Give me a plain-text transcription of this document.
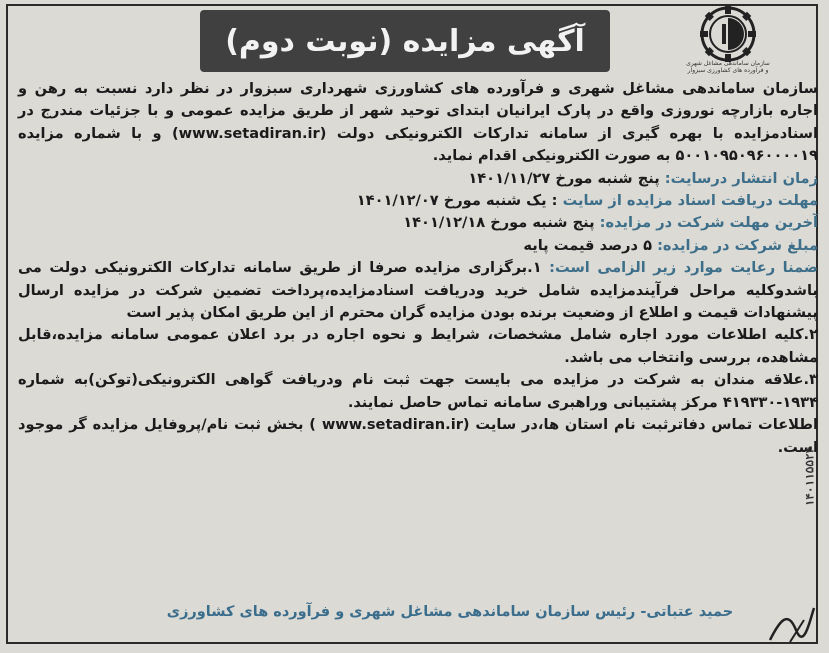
آگهی مزایده (نوبت دوم)
سازمان ساماندهی مشاغل شهری
و فرآورده های کشاورزی سبزوار

سازمان ساماندهی مشاغل شهری و فرآورده های کشاورزی شهرداری سبزوار در نظر دارد نسبت به رهن و اجاره بازارچه نوروزی واقع در پارک ایرانیان ابتدای توحید شهر از طریق مزایده عمومی و با جزئیات مندرج در اسنادمزایده با بهره گیری از سامانه تدارکات الکترونیکی دولت (www.setadiran.ir) و با شماره مزایده ۵۰۰۱۰۹۵۰۹۶۰۰۰۰۱۹ به صورت الکترونیکی اقدام نماید.

زمان انتشار درسایت: پنج شنبه مورخ ۱۴۰۱/۱۱/۲۷

مهلت دریافت اسناد مزایده از سایت : یک شنبه مورخ ۱۴۰۱/۱۲/۰۷

آخرین مهلت شرکت در مزایده: پنج شنبه مورخ ۱۴۰۱/۱۲/۱۸

مبلغ شرکت در مزایده: ۵ درصد قیمت پایه

ضمنا رعایت موارد زیر الزامی است: ۱.برگزاری مزایده صرفا از طریق سامانه تدارکات الکترونیکی دولت می باشدوکلیه مراحل فرآیندمزایده شامل خرید ودریافت اسنادمزایده،پرداخت تضمین شرکت در مزایده ارسال پیشنهادات قیمت و اطلاع از وضعیت برنده بودن مزایده گران محترم از این طریق امکان پذیر است

۲.کلیه اطلاعات مورد اجاره شامل مشخصات، شرایط و نحوه اجاره در برد اعلان عمومی سامانه مزایده،قابل مشاهده، بررسی وانتخاب می باشد.

۳.علاقه مندان به شرکت در مزایده می بایست جهت ثبت نام ودریافت گواهی الکترونیکی(توکن)به شماره ۱۹۳۴-۴۱۹۳۳۰ مرکز پشتیبانی وراهبری سامانه تماس حاصل نمایند.

اطلاعات تماس دفاترثبت نام استان ها،در سایت (www.setadiran.ir ) بخش ثبت نام/پروفایل مزایده گر موجود است.

حمید عتباتی- رئیس سازمان ساماندهی مشاغل شهری و فرآورده های کشاورزی
۱۴۰۱۱۵۵۲۴
